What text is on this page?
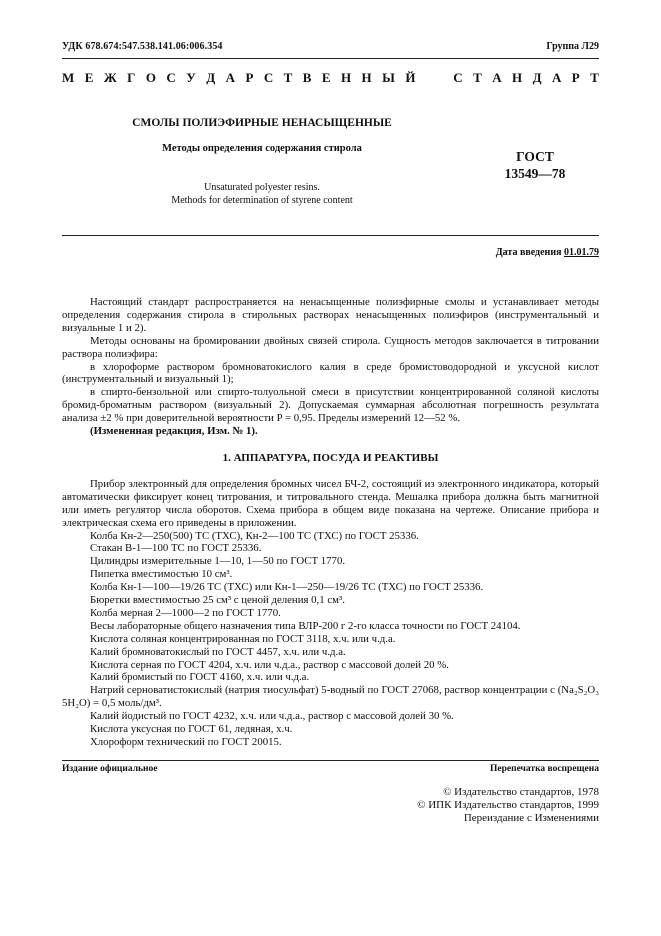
УДК 678.674:547.538.141.06:006.354	Группа Л29
М Е Ж Г О С У Д А Р С Т В Е Н Н Ы Й

	С Т А Н Д А Р Т
СМОЛЫ ПОЛИЭФИРНЫЕ НЕНАСЫЩЕННЫЕ
Методы определения содержания стирола
Unsaturated polyester resins.
Methods for determination of styrene content
ГОСТ
13549—78
Дата введения 01.01.79

Настоящий стандарт распространяется на ненасыщенные полиэфирные смолы и устанавливает методы определения содержания стирола в стирольных растворах ненасыщенных полиэфиров (инструментальный и визуальные 1 и 2).

Методы основаны на бромировании двойных связей стирола. Сущность методов заключается в титровании раствора полиэфира:

в хлороформе раствором бромноватокислого калия в среде бромистоводородной и уксусной кислот (инструментальный и визуальный 1);

в спирто-бензольной или спирто-толуольной смеси в присутствии концентрированной соляной кислоты бромид-броматным раствором (визуальный 2). Допускаемая суммарная абсолютная погрешность результата анализа ±2 % при доверительной вероятности P = 0,95. Пределы измерений 12—52 %.

(Измененная редакция, Изм. № 1).

1. АППАРАТУРА, ПОСУДА И РЕАКТИВЫ

Прибор электронный для определения бромных чисел БЧ-2, состоящий из электронного индикатора, который автоматически фиксирует конец титрования, и титровального стенда. Мешалка прибора должна быть магнитной или иметь регулятор числа оборотов. Схема прибора в общем виде показана на чертеже. Описание прибора и электрическая схема его приведены в приложении.

Колба Кн-2—250(500) ТС (ТХС), Кн-2—100 ТС (ТХС) по ГОСТ 25336.

Стакан В-1—100 ТС по ГОСТ 25336.

Цилиндры измерительные 1—10, 1—50 по ГОСТ 1770.

Пипетка вместимостью 10 см³.

Колба Кн-1—100—19/26 ТС (ТХС) или Кн-1—250—19/26 ТС (ТХС) по ГОСТ 25336.

Бюретки вместимостью 25 см³ с ценой деления 0,1 см³.

Колба мерная 2—1000—2 по ГОСТ 1770.

Весы лабораторные общего назначения типа ВЛР-200 г 2-го класса точности по ГОСТ 24104.

Кислота соляная концентрированная по ГОСТ 3118, х.ч. или ч.д.а.

Калий бромноватокислый по ГОСТ 4457, х.ч. или ч.д.а.

Кислота серная по ГОСТ 4204, х.ч. или ч.д.а., раствор с массовой долей 20 %.

Калий бромистый по ГОСТ 4160, х.ч. или ч.д.а.

Натрий серноватистокислый (натрия тиосульфат) 5-водный по ГОСТ 27068, раствор концентрации c (Na₂S₂O₃ 5H₂O) = 0,5 моль/дм³.

Калий йодистый по ГОСТ 4232, х.ч. или ч.д.а., раствор с массовой долей 30 %.

Кислота уксусная по ГОСТ 61, ледяная, х.ч.

Хлороформ технический по ГОСТ 20015.

Издание официальное	Перепечатка воспрещена
© Издательство стандартов, 1978
© ИПК Издательство стандартов, 1999
Переиздание с Изменениями
